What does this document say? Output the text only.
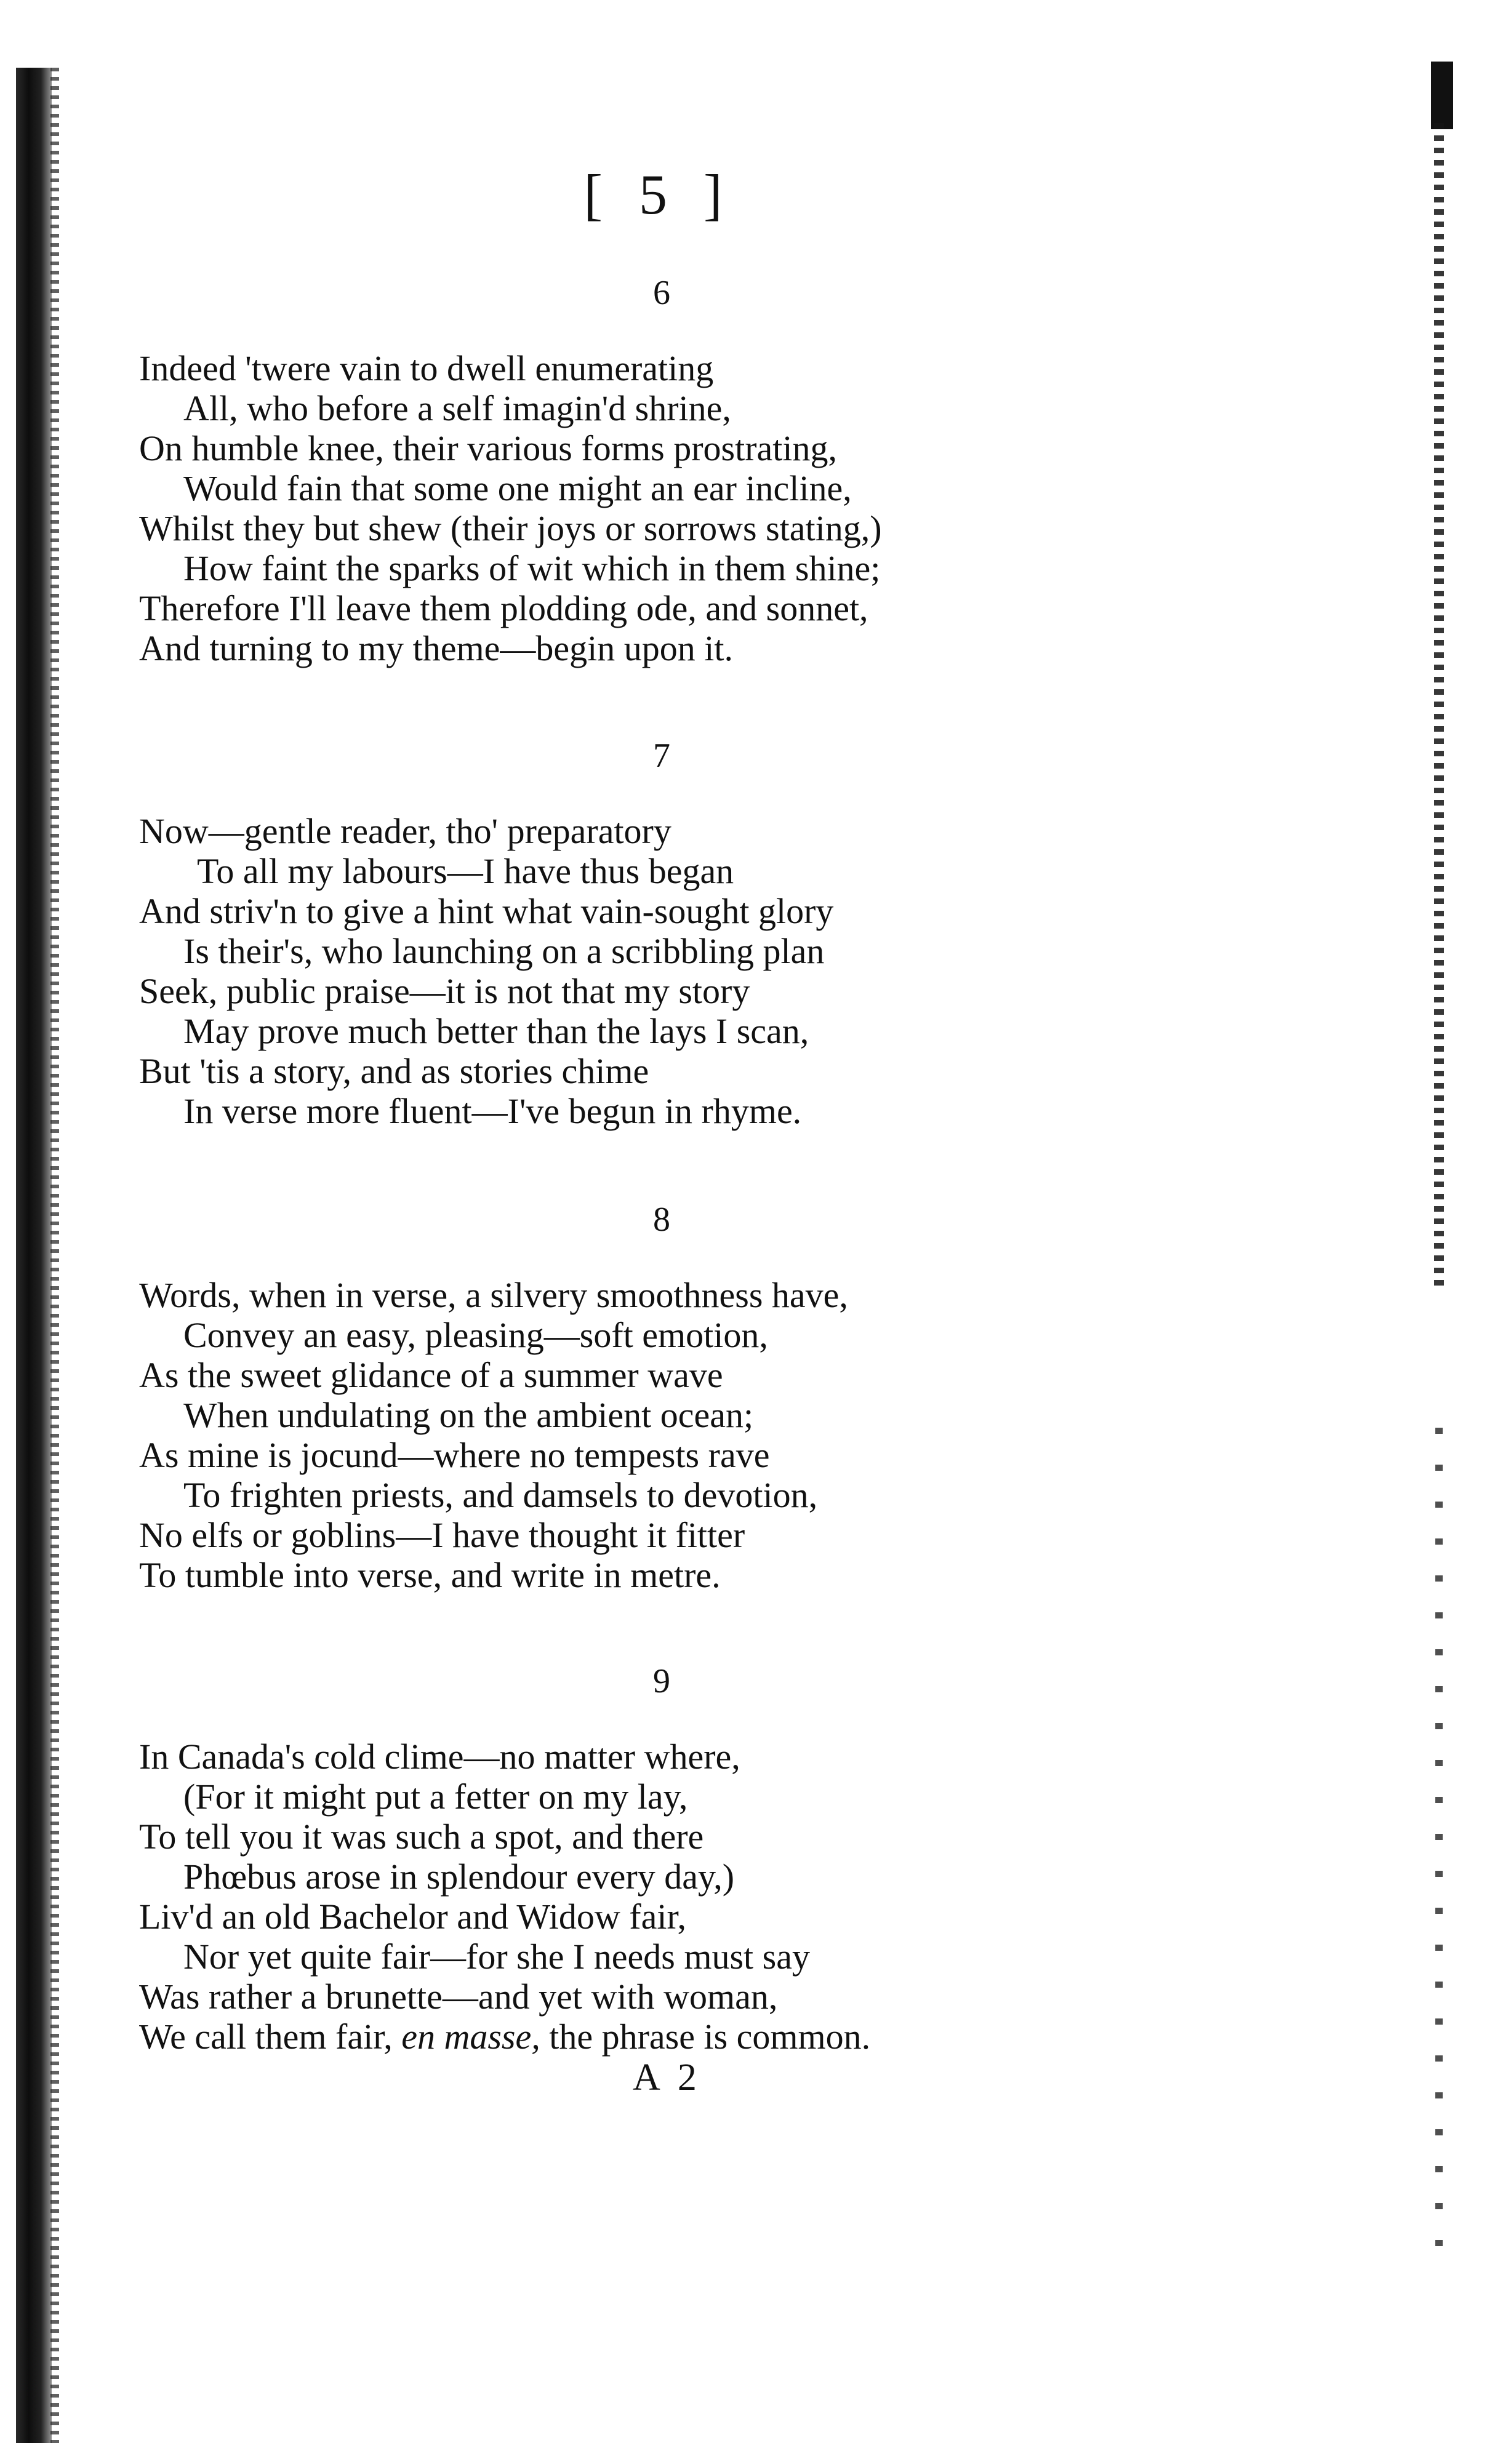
[ 5 ]
6
Indeed 'twere vain to dwell enumerating
All, who before a self imagin'd shrine,
On humble knee, their various forms prostrating,
Would fain that some one might an ear incline,
Whilst they but shew (their joys or sorrows stating,)
How faint the sparks of wit which in them shine;
Therefore I'll leave them plodding ode, and sonnet,
And turning to my theme—begin upon it.
7
Now—gentle reader, tho' preparatory
To all my labours—I have thus began
And striv'n to give a hint what vain-sought glory
Is their's, who launching on a scribbling plan
Seek, public praise—it is not that my story
May prove much better than the lays I scan,
But 'tis a story, and as stories chime
In verse more fluent—I've begun in rhyme.
8
Words, when in verse, a silvery smoothness have,
Convey an easy, pleasing—soft emotion,
As the sweet glidance of a summer wave
When undulating on the ambient ocean;
As mine is jocund—where no tempests rave
To frighten priests, and damsels to devotion,
No elfs or goblins—I have thought it fitter
To tumble into verse, and write in metre.
9
In Canada's cold clime—no matter where,
(For it might put a fetter on my lay,
To tell you it was such a spot, and there
Phœbus arose in splendour every day,)
Liv'd an old Bachelor and Widow fair,
Nor yet quite fair—for she I needs must say
Was rather a brunette—and yet with woman,
We call them fair, en masse, the phrase is common.
A 2
